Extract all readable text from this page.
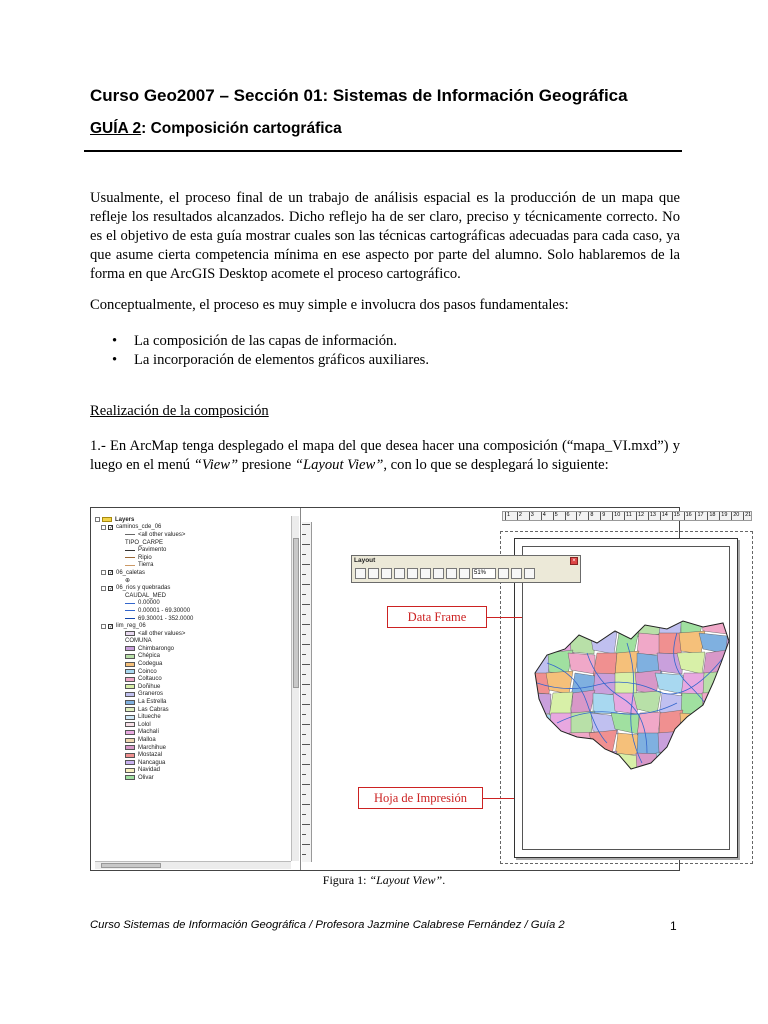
Curso Geo2007 – Sección 01: Sistemas de Información Geográfica
GUÍA 2: Composición cartográfica

Usualmente, el proceso final de un trabajo de análisis espacial es la producción de un mapa que refleje los resultados alcanzados. Dicho reflejo ha de ser claro, preciso y técnicamente correcto. No es el objetivo de esta guía mostrar cuales son las técnicas cartográficas adecuadas para cada caso, ya que asume cierta competencia mínima en ese aspecto por parte del alumno. Solo hablaremos de la forma en que ArcGIS Desktop acomete el proceso cartográfico.

Conceptualmente, el proceso es muy simple e involucra dos pasos fundamentales:

• La composición de las capas de información.
• La incorporación de elementos gráficos auxiliares.
Realización de la composición

1.- En ArcMap tenga desplegado el mapa del que desea hacer una composición (“mapa_VI.mxd”) y luego en el menú “View” presione “Layout View”, con lo que se desplegará lo siguiente:

Layers
✓ caminos_cde_06
<all other values>
TIPO_CARPE
Pavimento
Ripio
Tierra
✓ 06_caletas
⊕
✓ 06_rios y quebradas
CAUDAL_MED
0.00000
0.00001 - 69.30000
69.30001 - 352.0000
✓ lim_reg_06
<all other values>
COMUNA
Chimbarongo
Chépica
Codegua
Coinco
Coltauco
Doñihue
Graneros
La Estrella
Las Cabras
Litueche
Lolol
Machalí
Malloa
Marchihue
Mostazal
Nancagua
Navidad
Olivar
1 2 3 4 5 6 7 8 9 10 11 12 13 14 15 16 17 18 19 20 21
Layout	×
51%
Data Frame
Hoja de Impresión
Figura 1: “Layout View”.
Curso Sistemas de Información Geográfica / Profesora Jazmine Calabrese Fernández / Guía 2	1
